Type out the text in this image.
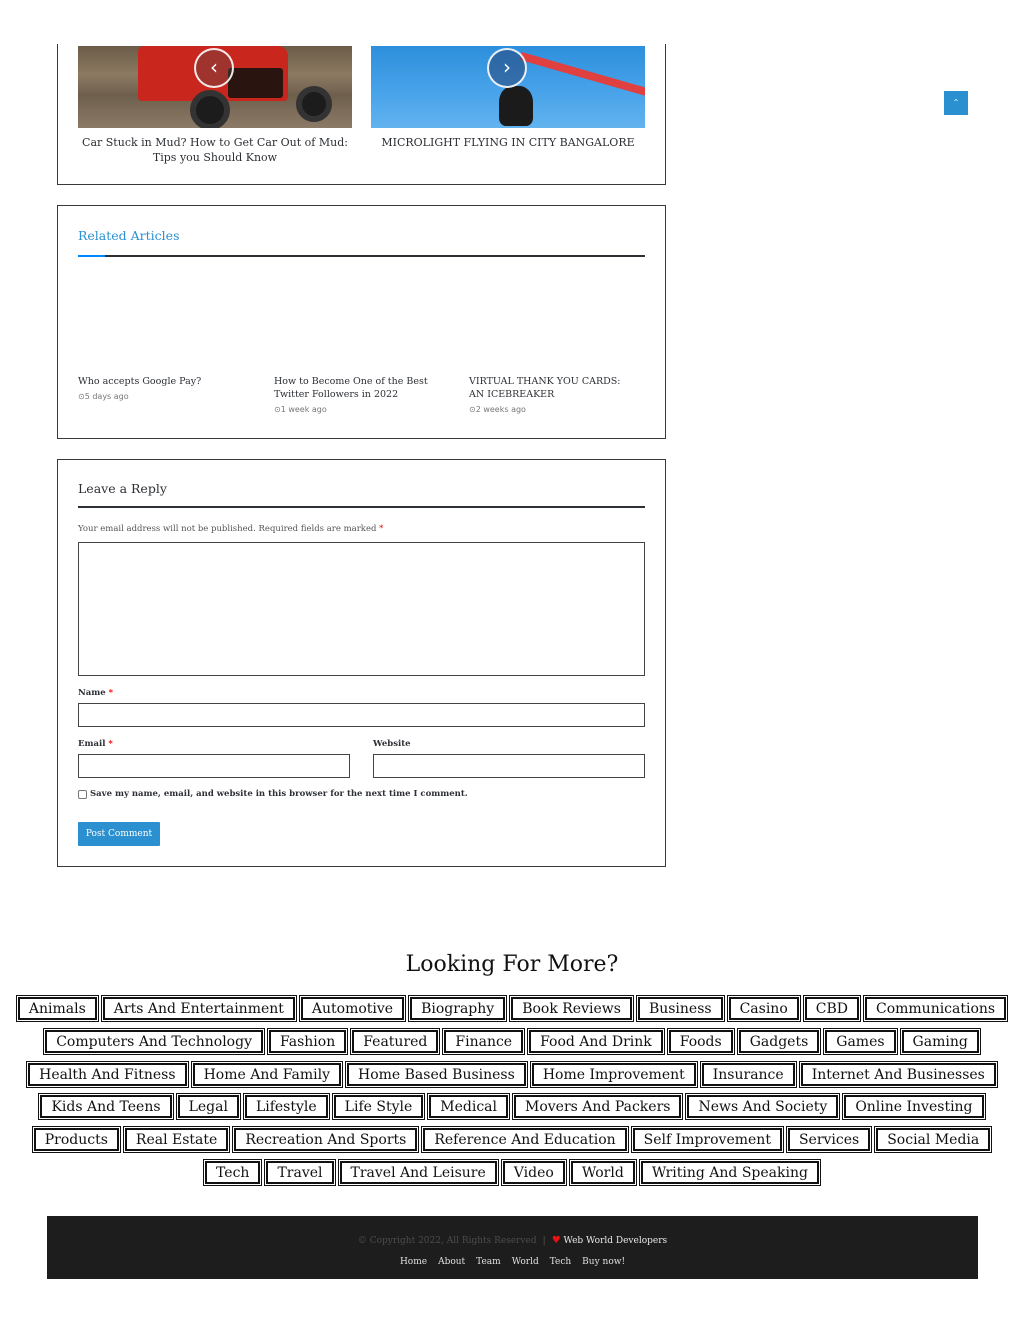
‹
Car Stuck in Mud? How to Get Car Out of Mud: Tips you Should Know
›
MICROLIGHT FLYING IN CITY BANGALORE
Related Articles
Who accepts Google Pay?
⊙5 days ago
How to Become One of the Best Twitter Followers in 2022
⊙1 week ago
VIRTUAL THANK YOU CARDS: AN ICEBREAKER
⊙2 weeks ago
Leave a Reply
Your email address will not be published. Required fields are marked *
Name *
Email *	Website
Save my name, email, and website in this browser for the next time I comment.
Post Comment
Looking For More?
Animals	Arts And Entertainment	Automotive	Biography	Book Reviews	Business	Casino	CBD	Communications
Computers And Technology	Fashion	Featured	Finance	Food And Drink	Foods	Gadgets	Games	Gaming
Health And Fitness	Home And Family	Home Based Business	Home Improvement	Insurance	Internet And Businesses
Kids And Teens	Legal	Lifestyle	Life Style	Medical	Movers And Packers	News And Society	Online Investing
Products	Real Estate	Recreation And Sports	Reference And Education	Self Improvement	Services	Social Media
Tech	Travel	Travel And Leisure	Video	World	Writing And Speaking
© Copyright 2022, All Rights Reserved | ♥ Web World Developers
Home About Team World Tech Buy now!
⌃
